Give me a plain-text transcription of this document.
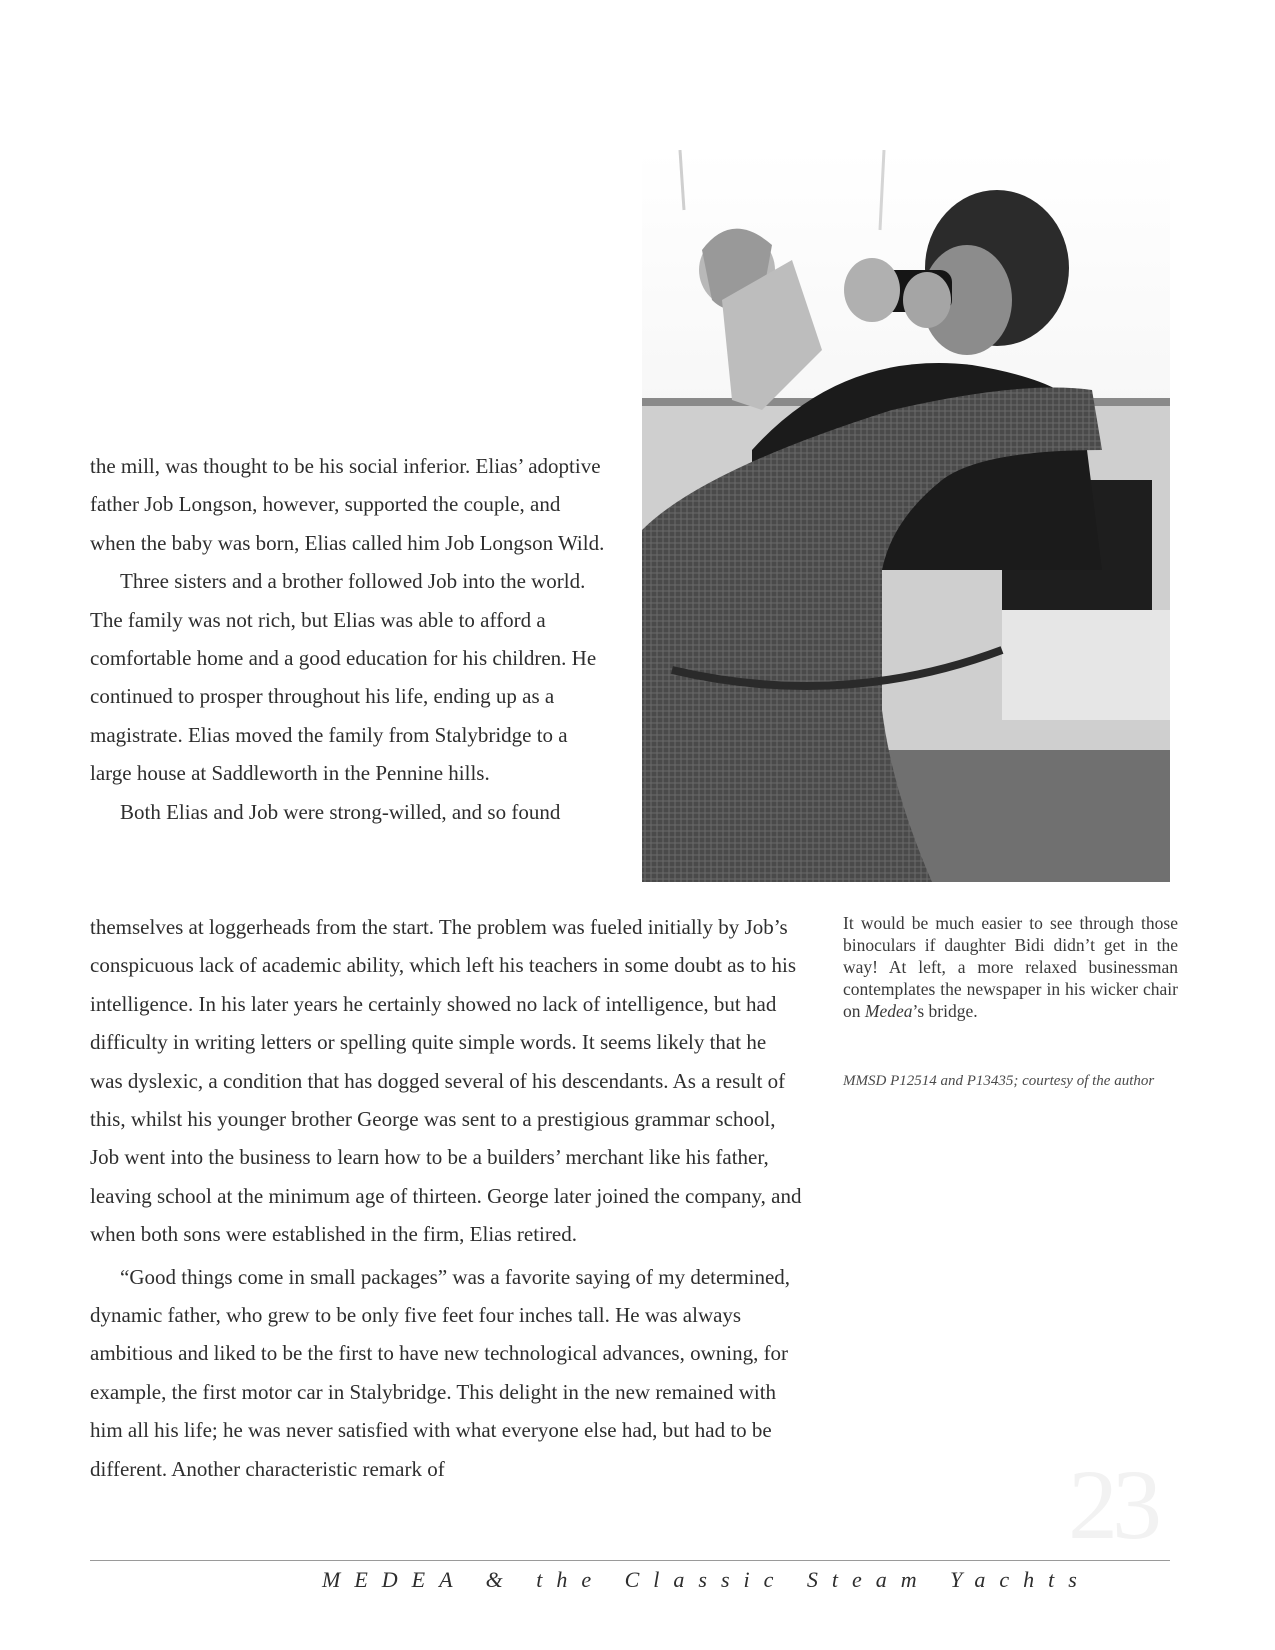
the mill, was thought to be his social inferior. Elias’ adoptive father Job Longson, however, supported the couple, and when the baby was born, Elias called him Job Longson Wild.

Three sisters and a brother followed Job into the world. The family was not rich, but Elias was able to afford a comfortable home and a good education for his children. He continued to prosper throughout his life, ending up as a magistrate. Elias moved the family from Stalybridge to a large house at Saddleworth in the Pennine hills.

Both Elias and Job were strong-willed, and so found

themselves at loggerheads from the start. The problem was fueled initially by Job’s conspicuous lack of academic ability, which left his teachers in some doubt as to his intelligence. In his later years he certainly showed no lack of intelligence, but had difficulty in writing letters or spelling quite simple words. It seems likely that he was dyslexic, a condition that has dogged several of his descendants. As a result of this, whilst his younger brother George was sent to a prestigious grammar school, Job went into the business to learn how to be a builders’ merchant like his father, leaving school at the minimum age of thirteen. George later joined the company, and when both sons were established in the firm, Elias retired.

“Good things come in small packages” was a favorite saying of my determined, dynamic father, who grew to be only five feet four inches tall. He was always ambitious and liked to be the first to have new technological advances, owning, for example, the first motor car in Stalybridge. This delight in the new remained with him all his life; he was never satisfied with what everyone else had, but had to be different. Another characteristic remark of

It would be much easier to see through those binoculars if daughter Bidi didn’t get in the way! At left, a more relaxed businessman contemplates the newspaper in his wicker chair on Medea’s bridge.
MMSD P12514 and P13435; courtesy of the author
23
MEDEA & the Classic Steam Yachts
